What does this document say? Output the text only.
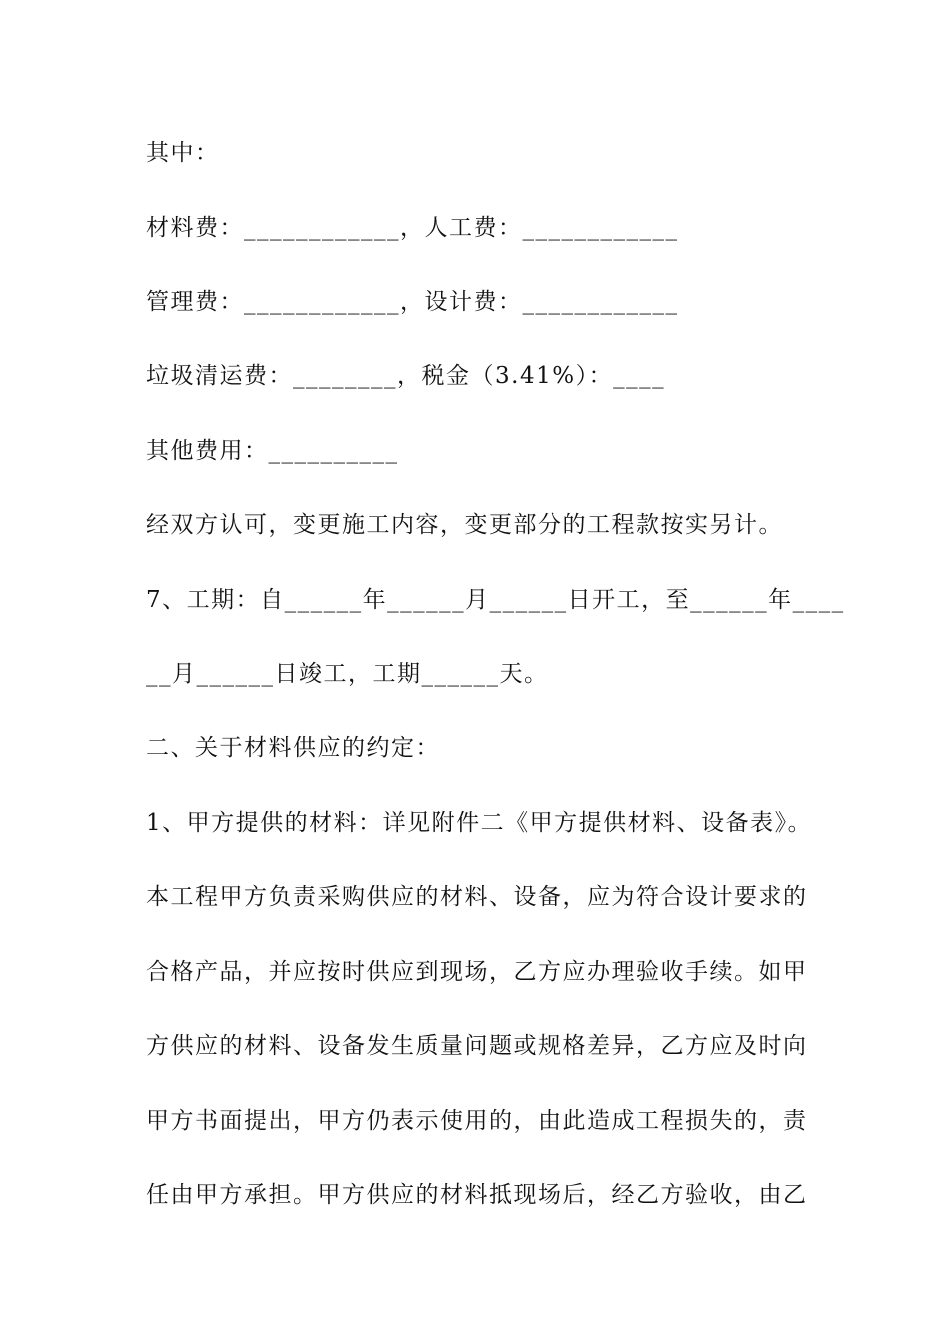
其中：
材料费：____________，人工费：____________
管理费：____________，设计费：____________
垃圾清运费：________，税金（3.41%）：____
其他费用：__________
经双方认可，变更施工内容，变更部分的工程款按实另计。
7、工期：自______年______月______日开工，至______年____
__月______日竣工，工期______天。
二、关于材料供应的约定：
1、甲方提供的材料：详见附件二《甲方提供材料、设备表》。
本工程甲方负责采购供应的材料、设备，应为符合设计要求的
合格产品，并应按时供应到现场，乙方应办理验收手续。如甲
方供应的材料、设备发生质量问题或规格差异，乙方应及时向
甲方书面提出，甲方仍表示使用的，由此造成工程损失的，责
任由甲方承担。甲方供应的材料抵现场后，经乙方验收，由乙
